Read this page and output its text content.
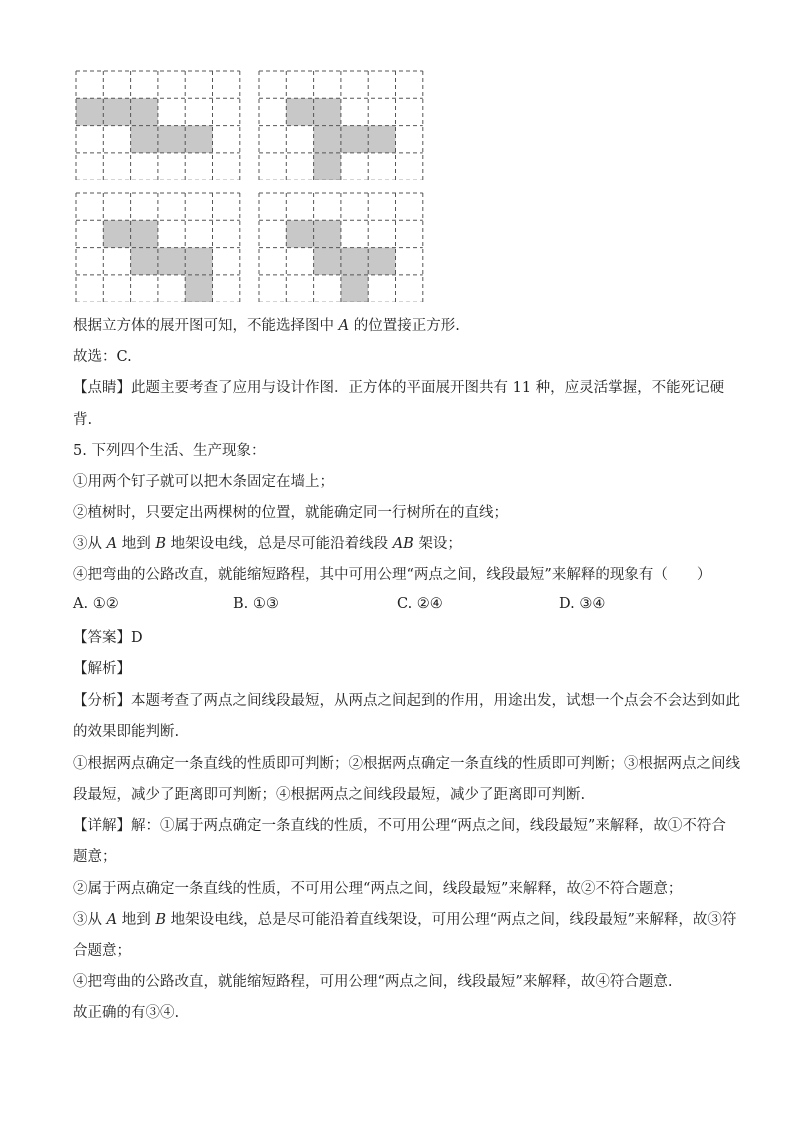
根据立方体的展开图可知，不能选择图中 A 的位置接正方形.
故选：C.
【点睛】此题主要考查了应用与设计作图．正方体的平面展开图共有 11 种，应灵活掌握，不能死记硬
背.
5. 下列四个生活、生产现象：
①用两个钉子就可以把木条固定在墙上；
②植树时，只要定出两棵树的位置，就能确定同一行树所在的直线；
③从 A 地到 B 地架设电线，总是尽可能沿着线段 AB 架设；
④把弯曲的公路改直，就能缩短路程，其中可用公理“两点之间，线段最短”来解释的现象有（　　）
A. ①②	B. ①③	C. ②④	D. ③④
【答案】D
【解析】
【分析】本题考查了两点之间线段最短，从两点之间起到的作用，用途出发，试想一个点会不会达到如此
的效果即能判断.
①根据两点确定一条直线的性质即可判断；②根据两点确定一条直线的性质即可判断；③根据两点之间线
段最短，减少了距离即可判断；④根据两点之间线段最短，减少了距离即可判断.
【详解】解：①属于两点确定一条直线的性质，不可用公理“两点之间，线段最短”来解释，故①不符合
题意；
②属于两点确定一条直线的性质，不可用公理“两点之间，线段最短”来解释，故②不符合题意；
③从 A 地到 B 地架设电线，总是尽可能沿着直线架设，可用公理“两点之间，线段最短”来解释，故③符
合题意；
④把弯曲的公路改直，就能缩短路程，可用公理“两点之间，线段最短”来解释，故④符合题意.
故正确的有③④.
